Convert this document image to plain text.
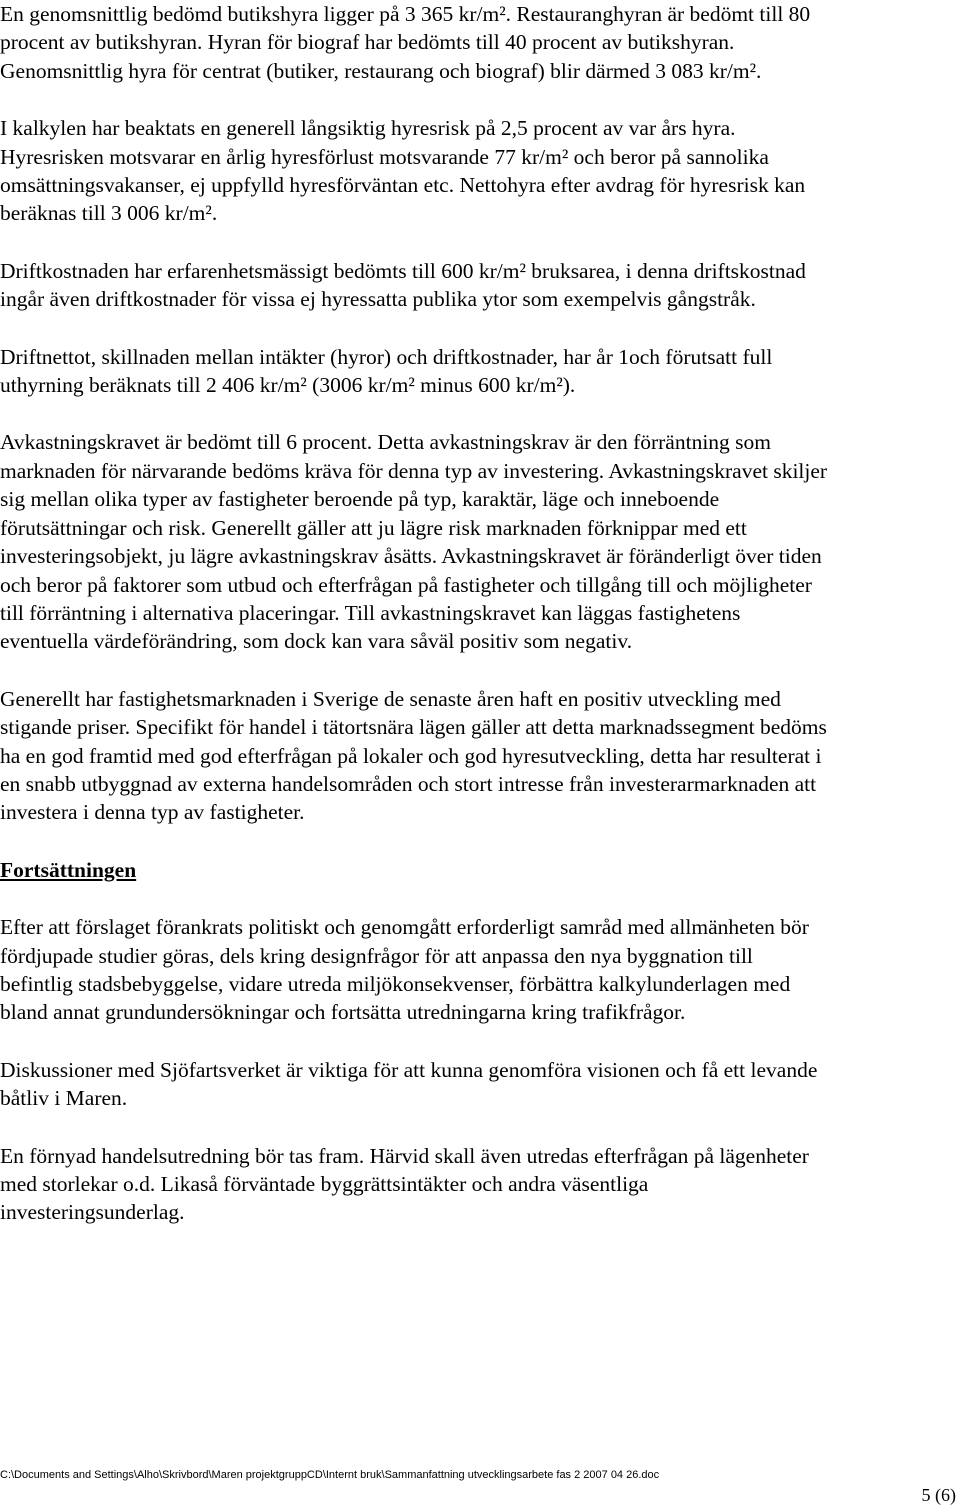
En genomsnittlig bedömd butikshyra ligger på 3 365 kr/m². Restauranghyran är bedömt till 80 procent av butikshyran. Hyran för biograf har bedömts till 40 procent av butikshyran. Genomsnittlig hyra för centrat (butiker, restaurang och biograf) blir därmed 3 083 kr/m².

I kalkylen har beaktats en generell långsiktig hyresrisk på 2,5 procent av var års hyra. Hyresrisken motsvarar en årlig hyresförlust motsvarande 77 kr/m² och beror på sannolika omsättningsvakanser, ej uppfylld hyresförväntan etc. Nettohyra efter avdrag för hyresrisk kan beräknas till 3 006 kr/m².

Driftkostnaden har erfarenhetsmässigt bedömts till 600 kr/m² bruksarea, i denna driftskostnad ingår även driftkostnader för vissa ej hyressatta publika ytor som exempelvis gångstråk.

Driftnettot, skillnaden mellan intäkter (hyror) och driftkostnader, har år 1och förutsatt full uthyrning beräknats till 2 406 kr/m² (3006 kr/m² minus 600 kr/m²).

Avkastningskravet är bedömt till 6 procent. Detta avkastningskrav är den förräntning som marknaden för närvarande bedöms kräva för denna typ av investering. Avkastningskravet skiljer sig mellan olika typer av fastigheter beroende på typ, karaktär, läge och inneboende förutsättningar och risk. Generellt gäller att ju lägre risk marknaden förknippar med ett investeringsobjekt, ju lägre avkastningskrav åsätts. Avkastningskravet är föränderligt över tiden och beror på faktorer som utbud och efterfrågan på fastigheter och tillgång till och möjligheter till förräntning i alternativa placeringar. Till avkastningskravet kan läggas fastighetens eventuella värdeförändring, som dock kan vara såväl positiv som negativ.

Generellt har fastighetsmarknaden i Sverige de senaste åren haft en positiv utveckling med stigande priser. Specifikt för handel i tätortsnära lägen gäller att detta marknadssegment bedöms ha en god framtid med god efterfrågan på lokaler och god hyresutveckling, detta har resulterat i en snabb utbyggnad av externa handelsområden och stort intresse från investerarmarknaden att investera i denna typ av fastigheter.

Fortsättningen

Efter att förslaget förankrats politiskt och genomgått erforderligt samråd med allmänheten bör fördjupade studier göras, dels kring designfrågor för att anpassa den nya byggnation till befintlig stadsbebyggelse, vidare utreda miljökonsekvenser, förbättra kalkylunderlagen med bland annat grundundersökningar och fortsätta utredningarna kring trafikfrågor.

Diskussioner med Sjöfartsverket är viktiga för att kunna genomföra visionen och få ett levande båtliv i Maren.

En förnyad handelsutredning bör tas fram. Härvid skall även utredas efterfrågan på lägenheter med storlekar o.d. Likaså förväntade byggrättsintäkter och andra väsentliga investeringsunderlag.

C:\Documents and Settings\Alho\Skrivbord\Maren projektgruppCD\Internt bruk\Sammanfattning utvecklingsarbete fas 2 2007 04 26.doc
5 (6)
